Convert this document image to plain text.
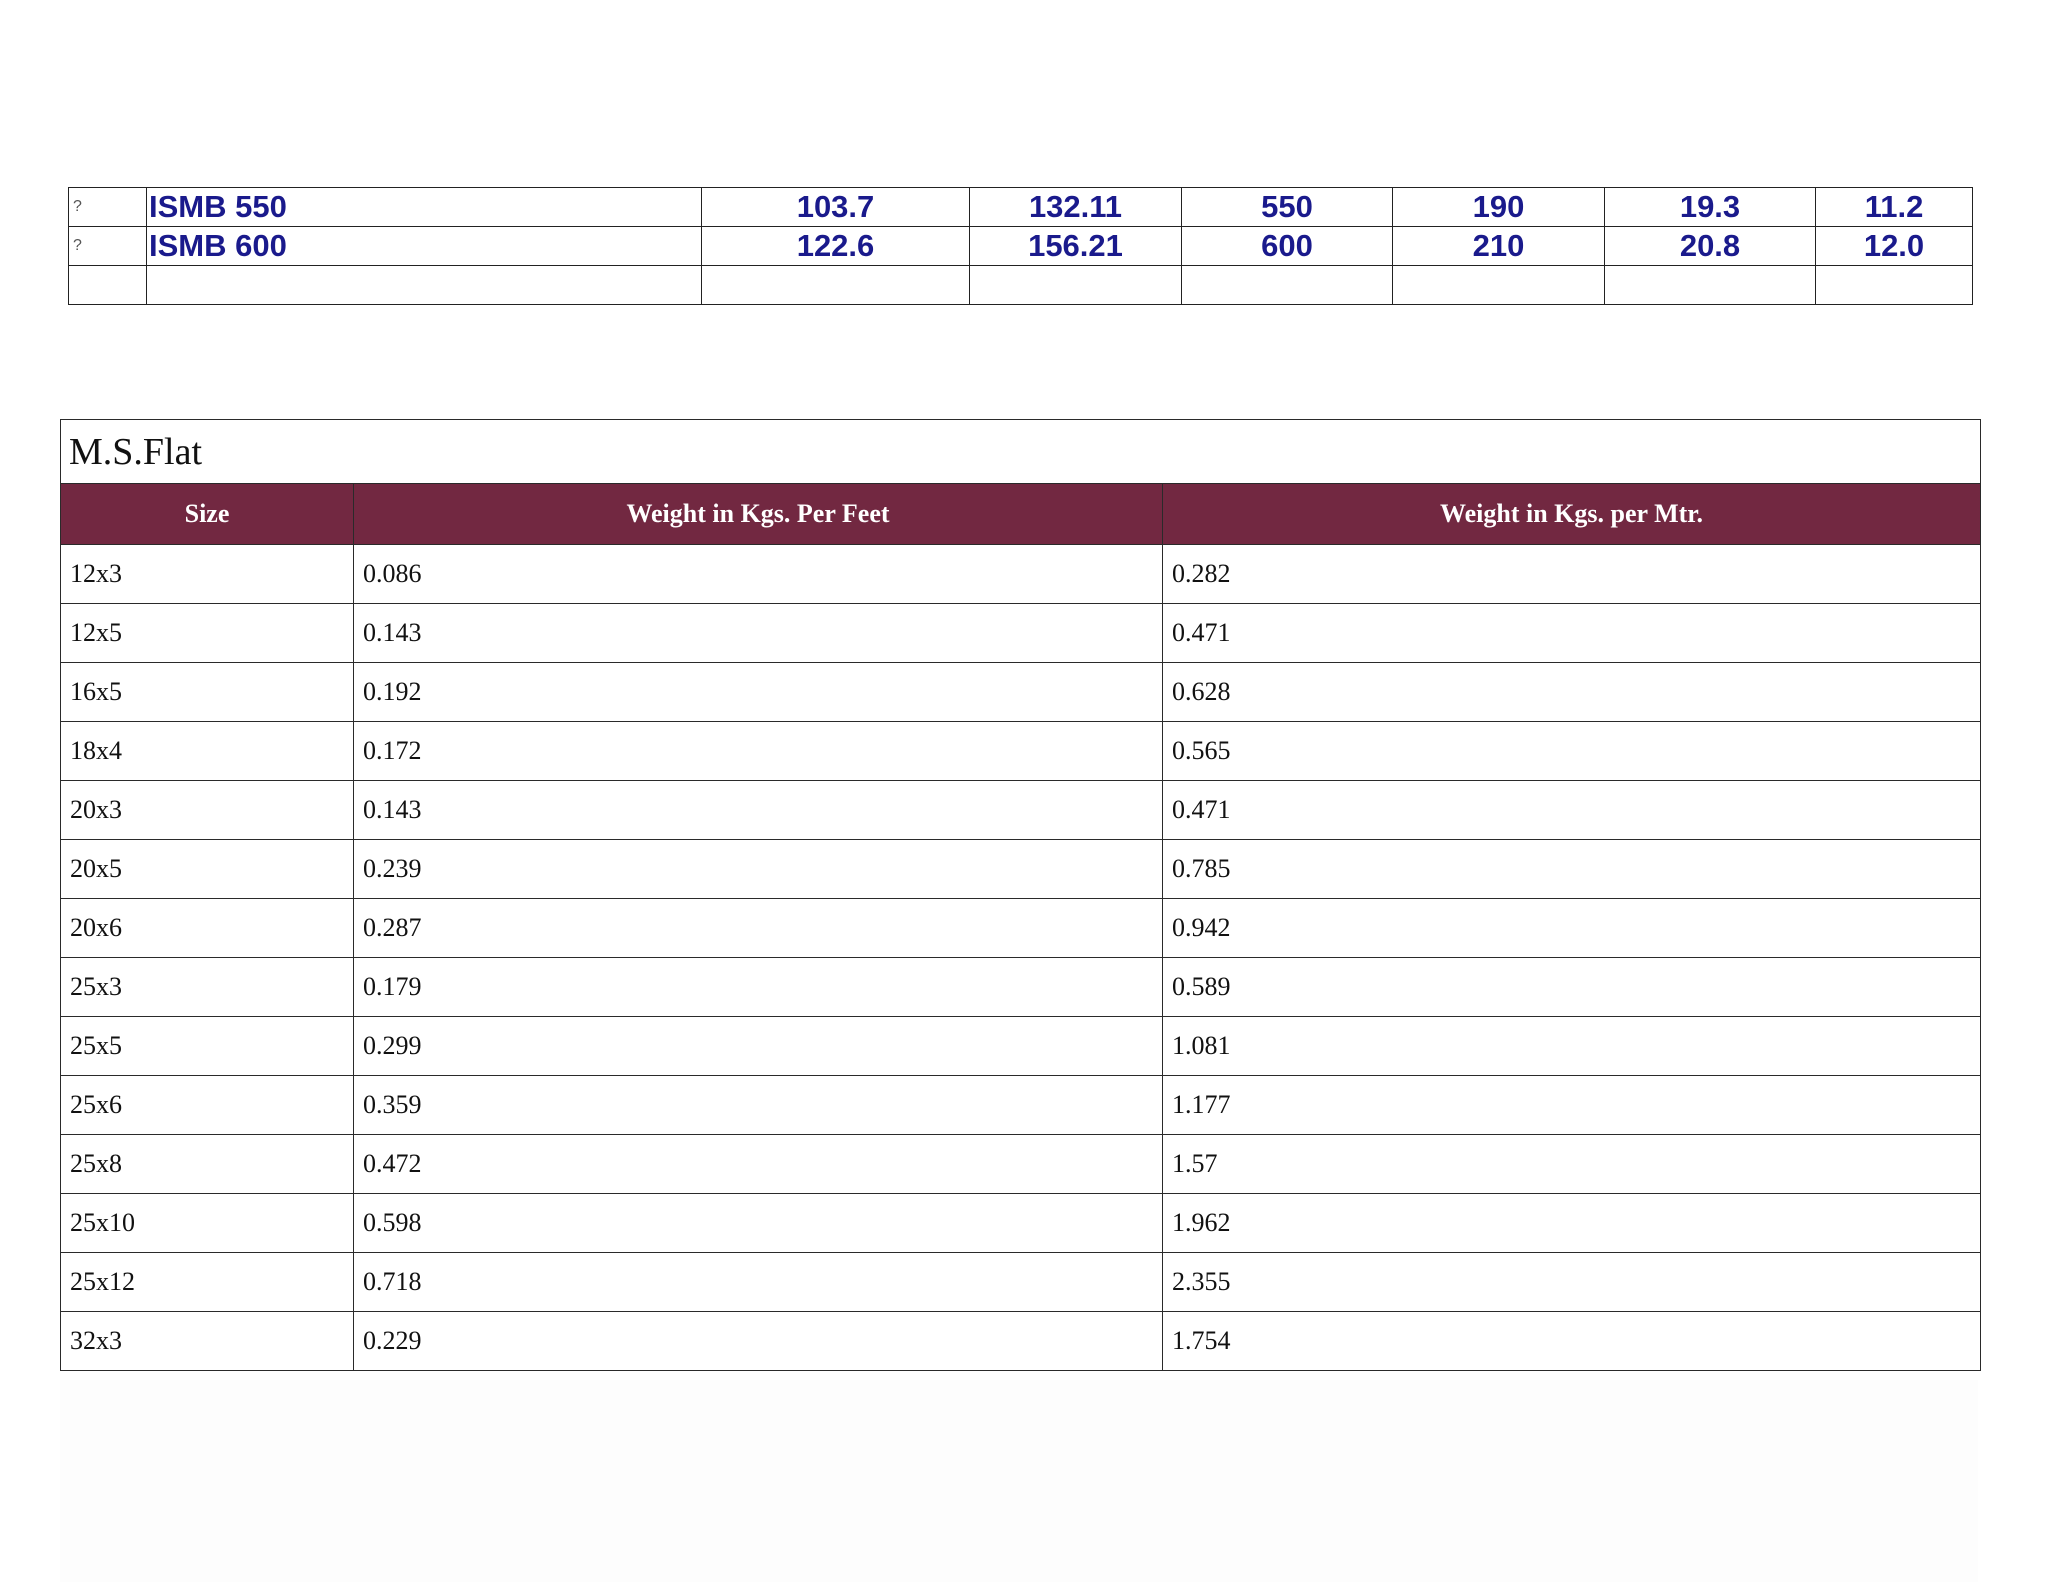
?	ISMB 550	103.7	132.11	550	190	19.3	11.2
?	ISMB 600	122.6	156.21	600	210	20.8	12.0

M.S.Flat		
Size	Weight in Kgs. Per Feet	Weight in Kgs. per Mtr.
12x3	0.086	0.282
12x5	0.143	0.471
16x5	0.192	0.628
18x4	0.172	0.565
20x3	0.143	0.471
20x5	0.239	0.785
20x6	0.287	0.942
25x3	0.179	0.589
25x5	0.299	1.081
25x6	0.359	1.177
25x8	0.472	1.57
25x10	0.598	1.962
25x12	0.718	2.355
32x3	0.229	1.754
